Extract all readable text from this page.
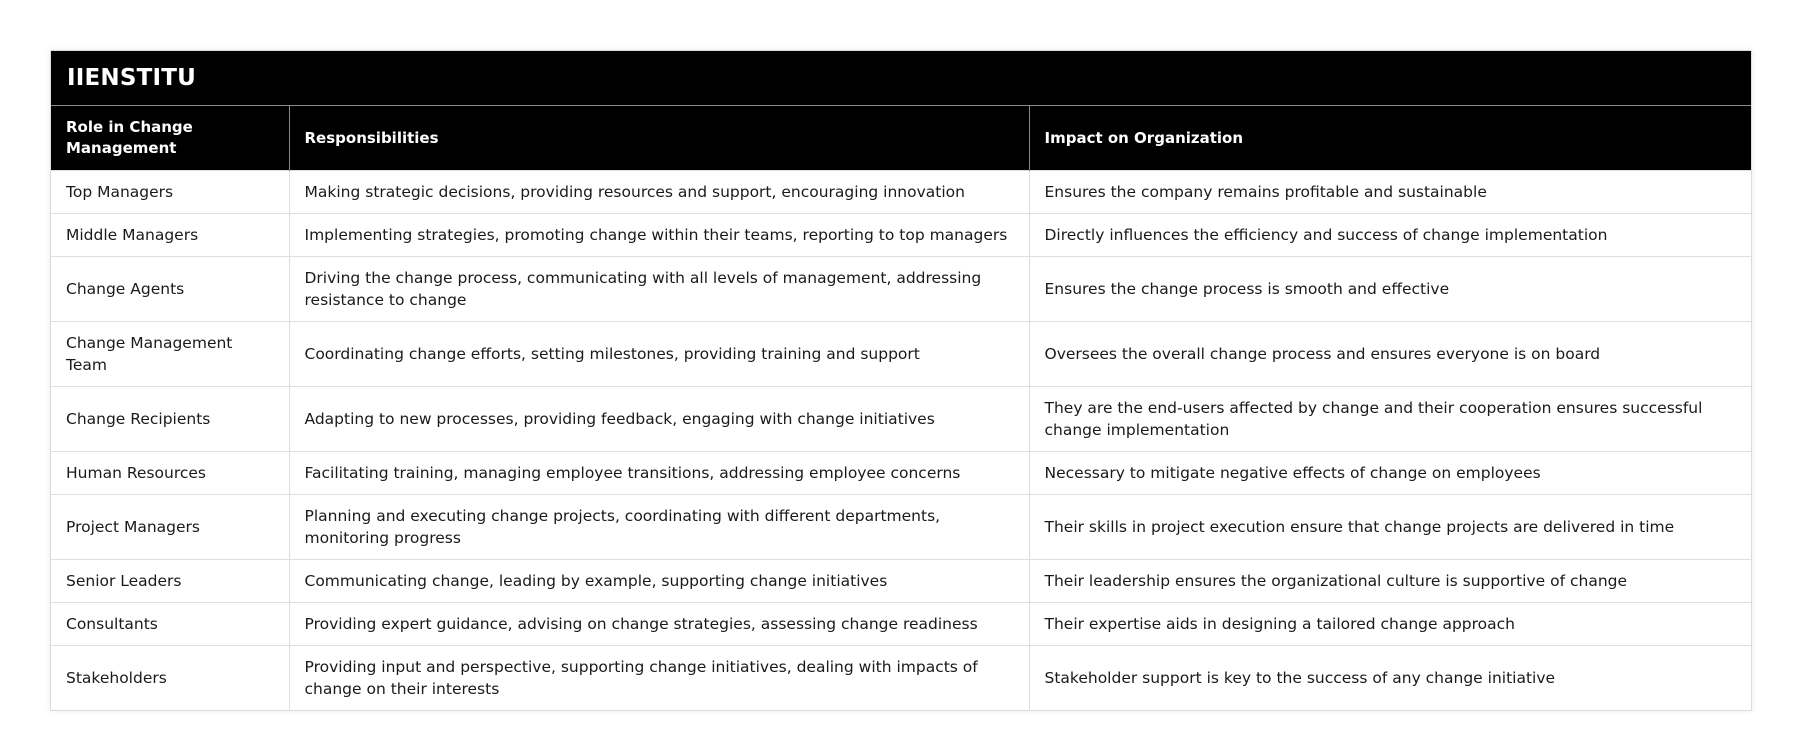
IIENSTITU
Role in Change Management	Responsibilities	Impact on Organization
Top Managers	Making strategic decisions, providing resources and support, encouraging innovation	Ensures the company remains profitable and sustainable
Middle Managers	Implementing strategies, promoting change within their teams, reporting to top managers	Directly influences the efficiency and success of change implementation
Change Agents	Driving the change process, communicating with all levels of management, addressing resistance to change	Ensures the change process is smooth and effective
Change Management Team	Coordinating change efforts, setting milestones, providing training and support	Oversees the overall change process and ensures everyone is on board
Change Recipients	Adapting to new processes, providing feedback, engaging with change initiatives	They are the end-users affected by change and their cooperation ensures successful change implementation
Human Resources	Facilitating training, managing employee transitions, addressing employee concerns	Necessary to mitigate negative effects of change on employees
Project Managers	Planning and executing change projects, coordinating with different departments, monitoring progress	Their skills in project execution ensure that change projects are delivered in time
Senior Leaders	Communicating change, leading by example, supporting change initiatives	Their leadership ensures the organizational culture is supportive of change
Consultants	Providing expert guidance, advising on change strategies, assessing change readiness	Their expertise aids in designing a tailored change approach
Stakeholders	Providing input and perspective, supporting change initiatives, dealing with impacts of change on their interests	Stakeholder support is key to the success of any change initiative
